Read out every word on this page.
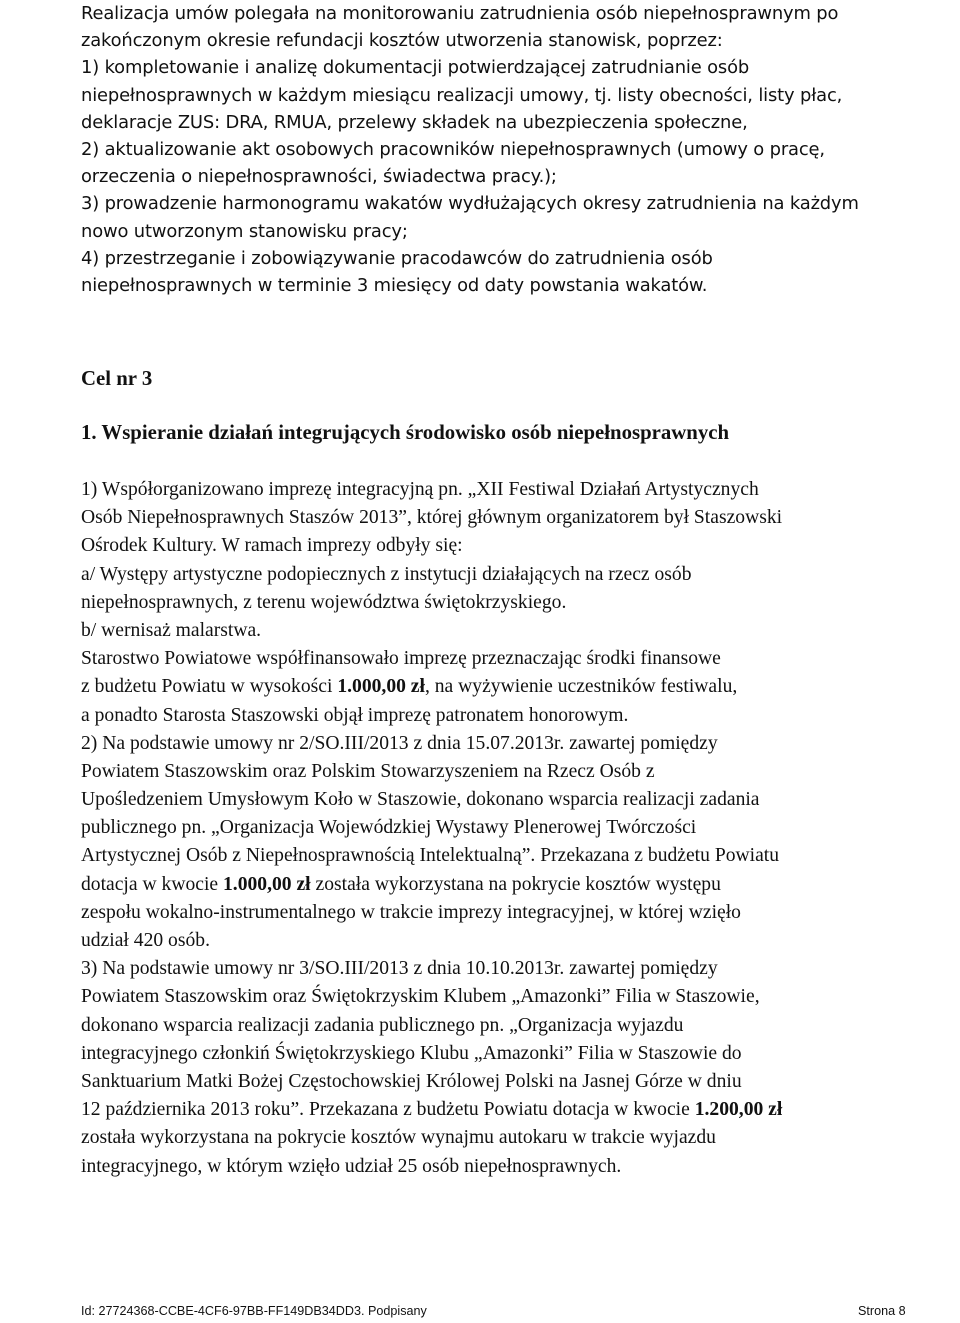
Realizacja umów polegała na monitorowaniu zatrudnienia osób niepełnosprawnym po
zakończonym okresie refundacji kosztów utworzenia stanowisk, poprzez:
1) kompletowanie i analizę dokumentacji potwierdzającej zatrudnianie osób
niepełnosprawnych w każdym miesiącu realizacji umowy, tj. listy obecności, listy płac,
deklaracje ZUS: DRA, RMUA, przelewy składek na ubezpieczenia społeczne,
2) aktualizowanie akt osobowych pracowników niepełnosprawnych (umowy o pracę,
orzeczenia o niepełnosprawności, świadectwa pracy.);
3) prowadzenie harmonogramu wakatów wydłużających okresy zatrudnienia na każdym
nowo utworzonym stanowisku pracy;
4) przestrzeganie i zobowiązywanie pracodawców do zatrudnienia osób
niepełnosprawnych w terminie 3 miesięcy od daty powstania wakatów.
Cel nr 3
1. Wspieranie działań integrujących środowisko osób niepełnosprawnych
1) Współorganizowano imprezę integracyjną pn. „XII Festiwal Działań Artystycznych
Osób Niepełnosprawnych Staszów 2013”, której głównym organizatorem był Staszowski
Ośrodek Kultury. W ramach imprezy odbyły się:
a/ Występy artystyczne podopiecznych z instytucji działających na rzecz osób
niepełnosprawnych, z terenu województwa świętokrzyskiego.
b/ wernisaż malarstwa.
Starostwo Powiatowe współfinansowało imprezę przeznaczając środki finansowe
z budżetu Powiatu w wysokości 1.000,00 zł, na wyżywienie uczestników festiwalu,
a ponadto Starosta Staszowski objął imprezę patronatem honorowym.
2) Na podstawie umowy nr 2/SO.III/2013 z dnia 15.07.2013r. zawartej pomiędzy
Powiatem Staszowskim oraz Polskim Stowarzyszeniem na Rzecz Osób z
Upośledzeniem Umysłowym Koło w Staszowie, dokonano wsparcia realizacji zadania
publicznego pn. „Organizacja Wojewódzkiej Wystawy Plenerowej Twórczości
Artystycznej Osób z Niepełnosprawnością Intelektualną”. Przekazana z budżetu Powiatu
dotacja w kwocie 1.000,00 zł została wykorzystana na pokrycie kosztów występu
zespołu wokalno-instrumentalnego w trakcie imprezy integracyjnej, w której wzięło
udział 420 osób.
3) Na podstawie umowy nr 3/SO.III/2013 z dnia 10.10.2013r. zawartej pomiędzy
Powiatem Staszowskim oraz Świętokrzyskim Klubem „Amazonki” Filia w Staszowie,
dokonano wsparcia realizacji zadania publicznego pn. „Organizacja wyjazdu
integracyjnego członkiń Świętokrzyskiego Klubu „Amazonki” Filia w Staszowie do
Sanktuarium Matki Bożej Częstochowskiej Królowej Polski na Jasnej Górze w dniu
12 października 2013 roku”. Przekazana z budżetu Powiatu dotacja w kwocie 1.200,00 zł
została wykorzystana na pokrycie kosztów wynajmu autokaru w trakcie wyjazdu
integracyjnego, w którym wzięło udział 25 osób niepełnosprawnych.
Id: 27724368-CCBE-4CF6-97BB-FF149DB34DD3. Podpisany	Strona 8
